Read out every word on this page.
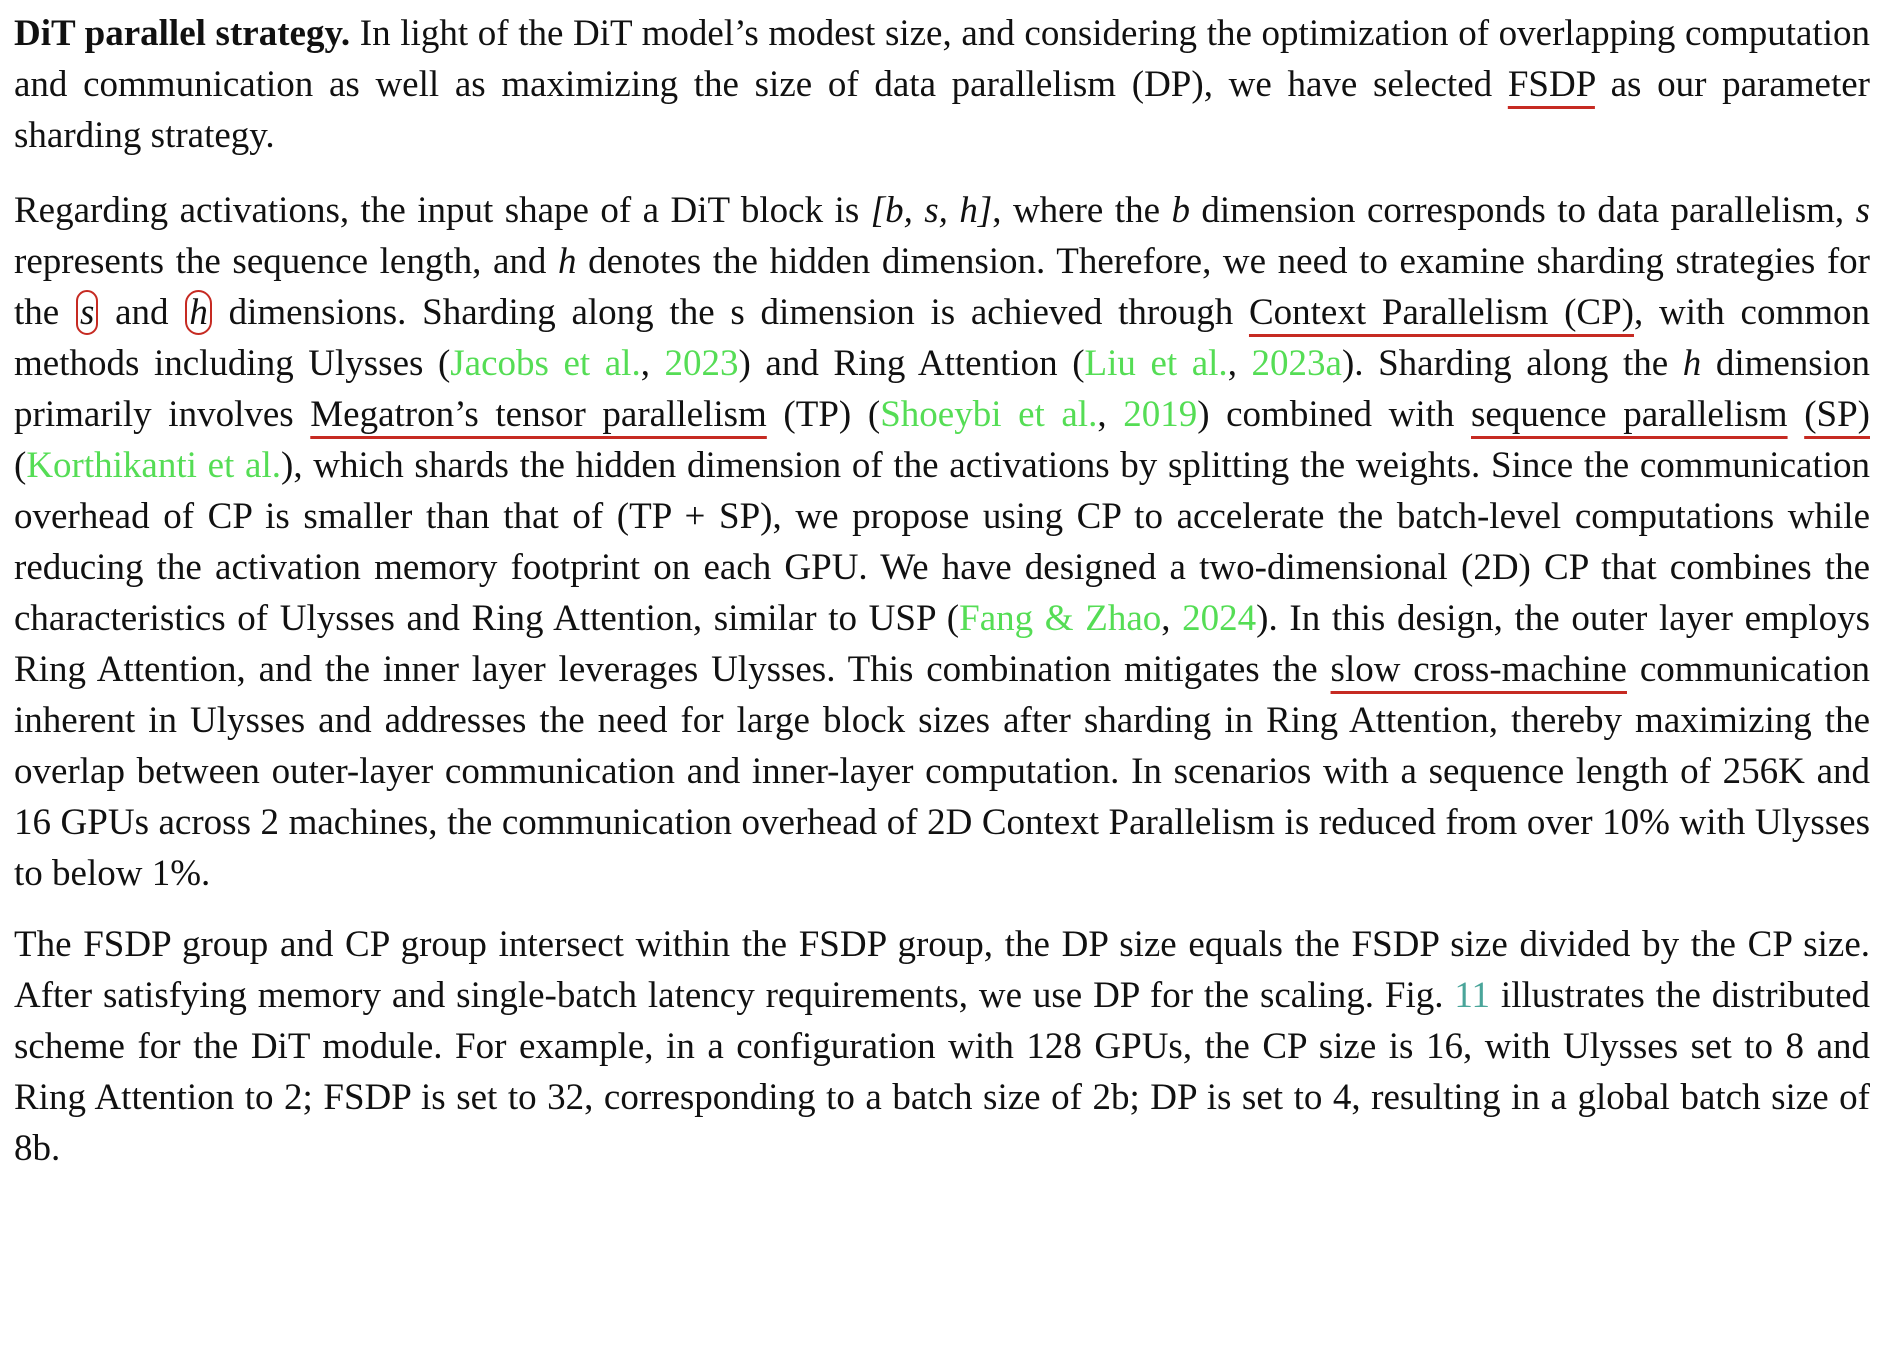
DiT parallel strategy. In light of the DiT model’s modest size, and considering the optimization of overlapping computation and communication as well as maximizing the size of data parallelism (DP), we have selected FSDP as our parameter sharding strategy.

Regarding activations, the input shape of a DiT block is [b, s, h], where the b dimension corresponds to data parallelism, s represents the sequence length, and h denotes the hidden dimension. Therefore, we need to examine sharding strategies for the s and h dimensions. Sharding along the s dimension is achieved through Context Parallelism (CP), with common methods including Ulysses (Jacobs et al., 2023) and Ring Attention (Liu et al., 2023a). Sharding along the h dimension primarily involves Megatron’s tensor parallelism (TP) (Shoeybi et al., 2019) combined with sequence parallelism (SP) (Korthikanti et al.), which shards the hidden dimension of the activations by splitting the weights. Since the communication overhead of CP is smaller than that of (TP + SP), we propose using CP to accelerate the batch-level computations while reducing the activation memory footprint on each GPU. We have designed a two-dimensional (2D) CP that combines the characteristics of Ulysses and Ring Attention, similar to USP (Fang & Zhao, 2024). In this design, the outer layer employs Ring Attention, and the inner layer leverages Ulysses. This combination mitigates the slow cross-machine communication inherent in Ulysses and addresses the need for large block sizes after sharding in Ring Attention, thereby maximizing the overlap between outer-layer communication and inner-layer computation. In scenarios with a sequence length of 256K and 16 GPUs across 2 machines, the communication overhead of 2D Context Parallelism is reduced from over 10% with Ulysses to below 1%.

The FSDP group and CP group intersect within the FSDP group, the DP size equals the FSDP size divided by the CP size. After satisfying memory and single-batch latency requirements, we use DP for the scaling. Fig. 11 illustrates the distributed scheme for the DiT module. For example, in a configuration with 128 GPUs, the CP size is 16, with Ulysses set to 8 and Ring Attention to 2; FSDP is set to 32, corresponding to a batch size of 2b; DP is set to 4, resulting in a global batch size of 8b.
